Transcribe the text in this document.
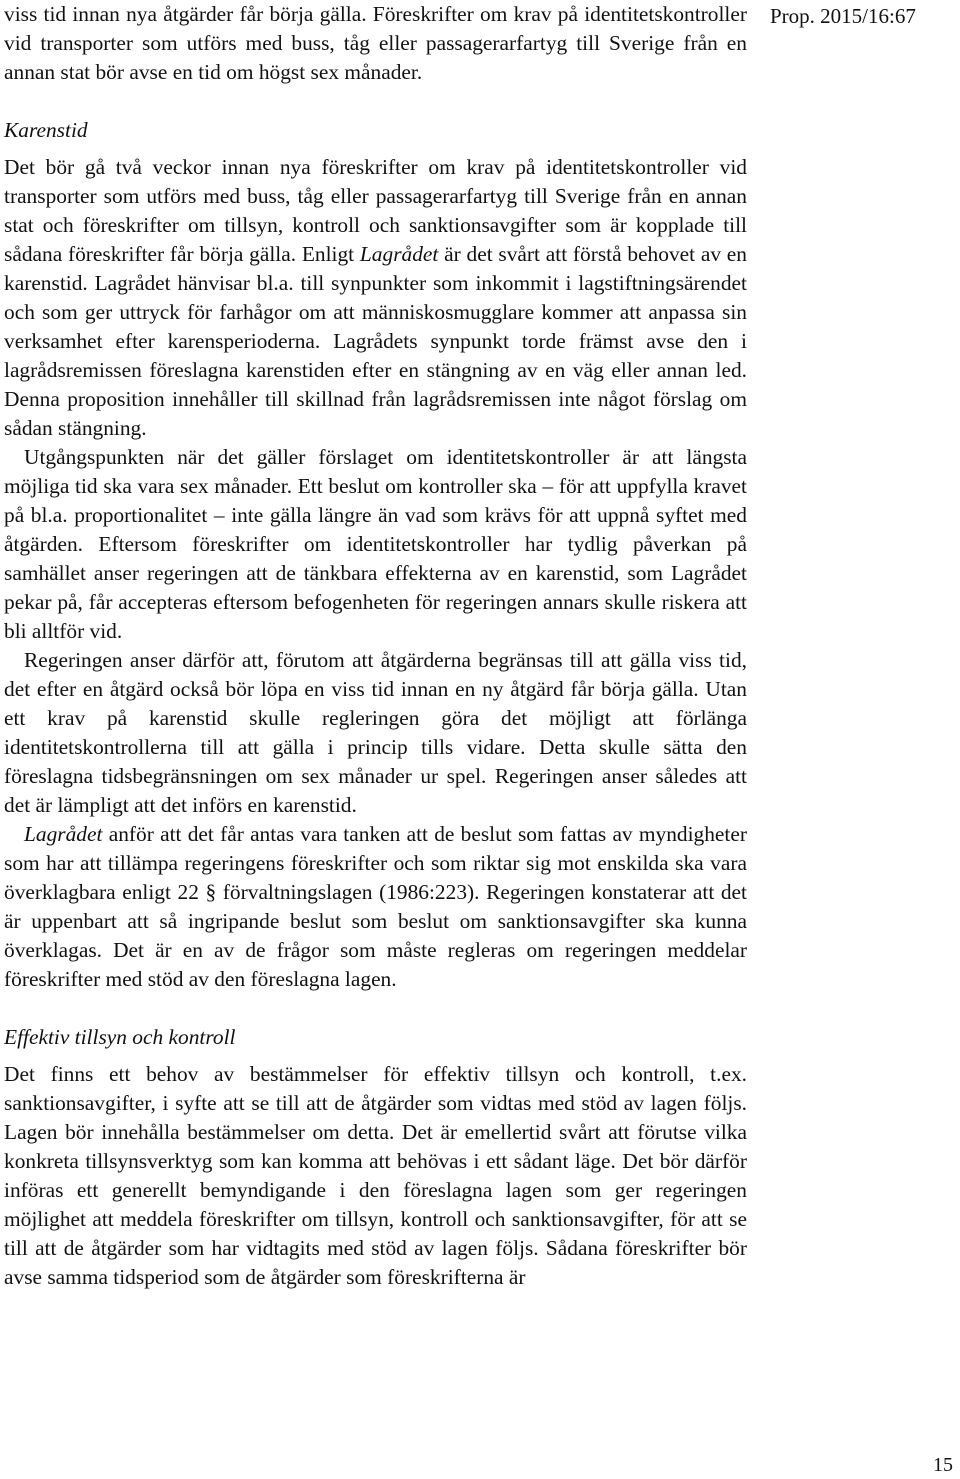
Prop. 2015/16:67

viss tid innan nya åtgärder får börja gälla. Föreskrifter om krav på identitetskontroller vid transporter som utförs med buss, tåg eller passagerarfartyg till Sverige från en annan stat bör avse en tid om högst sex månader.

Karenstid

Det bör gå två veckor innan nya föreskrifter om krav på identitetskontroller vid transporter som utförs med buss, tåg eller passagerarfartyg till Sverige från en annan stat och föreskrifter om tillsyn, kontroll och sanktionsavgifter som är kopplade till sådana föreskrifter får börja gälla. Enligt Lagrådet är det svårt att förstå behovet av en karenstid. Lagrådet hänvisar bl.a. till synpunkter som inkommit i lagstiftningsärendet och som ger uttryck för farhågor om att människosmugglare kommer att anpassa sin verksamhet efter karensperioderna. Lagrådets synpunkt torde främst avse den i lagrådsremissen föreslagna karenstiden efter en stängning av en väg eller annan led. Denna proposition innehåller till skillnad från lagrådsremissen inte något förslag om sådan stängning.

Utgångspunkten när det gäller förslaget om identitetskontroller är att längsta möjliga tid ska vara sex månader. Ett beslut om kontroller ska – för att uppfylla kravet på bl.a. proportionalitet – inte gälla längre än vad som krävs för att uppnå syftet med åtgärden. Eftersom föreskrifter om identitetskontroller har tydlig påverkan på samhället anser regeringen att de tänkbara effekterna av en karenstid, som Lagrådet pekar på, får accepteras eftersom befogenheten för regeringen annars skulle riskera att bli alltför vid.

Regeringen anser därför att, förutom att åtgärderna begränsas till att gälla viss tid, det efter en åtgärd också bör löpa en viss tid innan en ny åtgärd får börja gälla. Utan ett krav på karenstid skulle regleringen göra det möjligt att förlänga identitetskontrollerna till att gälla i princip tills vidare. Detta skulle sätta den föreslagna tidsbegränsningen om sex månader ur spel. Regeringen anser således att det är lämpligt att det införs en karenstid.

Lagrådet anför att det får antas vara tanken att de beslut som fattas av myndigheter som har att tillämpa regeringens föreskrifter och som riktar sig mot enskilda ska vara överklagbara enligt 22 § förvaltningslagen (1986:223). Regeringen konstaterar att det är uppenbart att så ingripande beslut som beslut om sanktionsavgifter ska kunna överklagas. Det är en av de frågor som måste regleras om regeringen meddelar föreskrifter med stöd av den föreslagna lagen.

Effektiv tillsyn och kontroll

Det finns ett behov av bestämmelser för effektiv tillsyn och kontroll, t.ex. sanktionsavgifter, i syfte att se till att de åtgärder som vidtas med stöd av lagen följs. Lagen bör innehålla bestämmelser om detta. Det är emellertid svårt att förutse vilka konkreta tillsynsverktyg som kan komma att behövas i ett sådant läge. Det bör därför införas ett generellt bemyndigande i den föreslagna lagen som ger regeringen möjlighet att meddela föreskrifter om tillsyn, kontroll och sanktionsavgifter, för att se till att de åtgärder som har vidtagits med stöd av lagen följs. Sådana föreskrifter bör avse samma tidsperiod som de åtgärder som föreskrifterna är

15
